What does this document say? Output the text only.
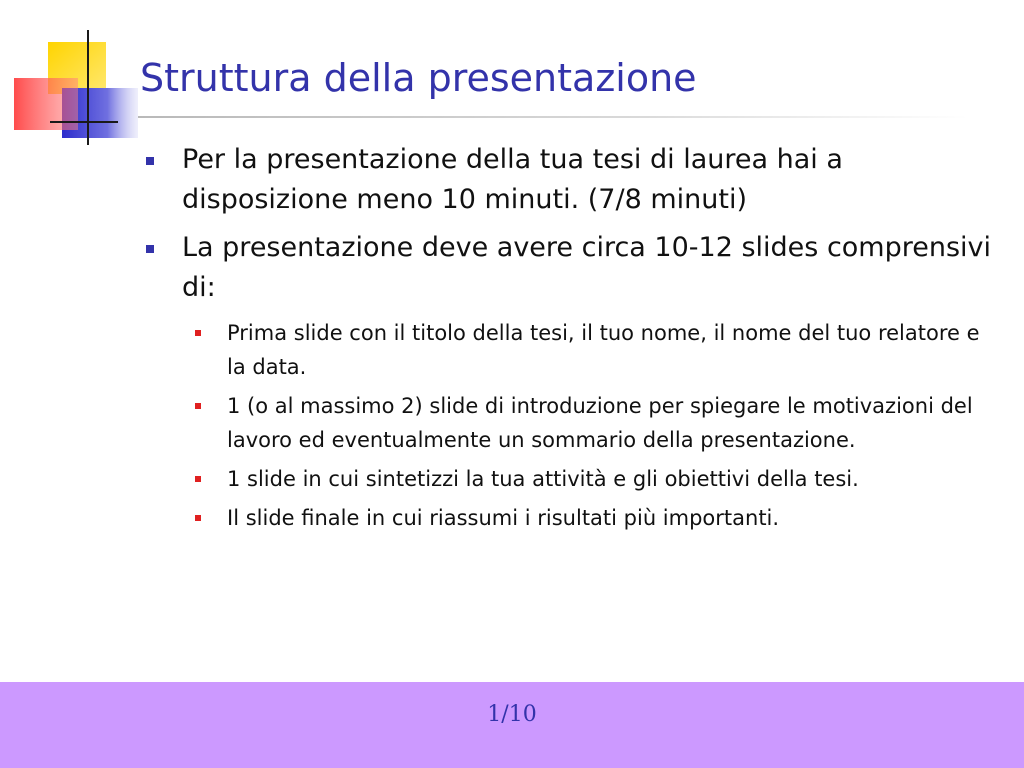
Struttura della presentazione
Per la presentazione della tua tesi di laurea hai a disposizione meno 10 minuti. (7/8 minuti)
La presentazione deve avere circa 10-12 slides comprensivi di:
Prima slide con il titolo della tesi, il tuo nome, il nome del tuo relatore e la data.
1 (o al massimo 2) slide di introduzione per spiegare le motivazioni del lavoro ed eventualmente un sommario della presentazione.
1 slide in cui sintetizzi la tua attività e gli obiettivi della tesi.
Il slide finale in cui riassumi i risultati più importanti.
1/10
